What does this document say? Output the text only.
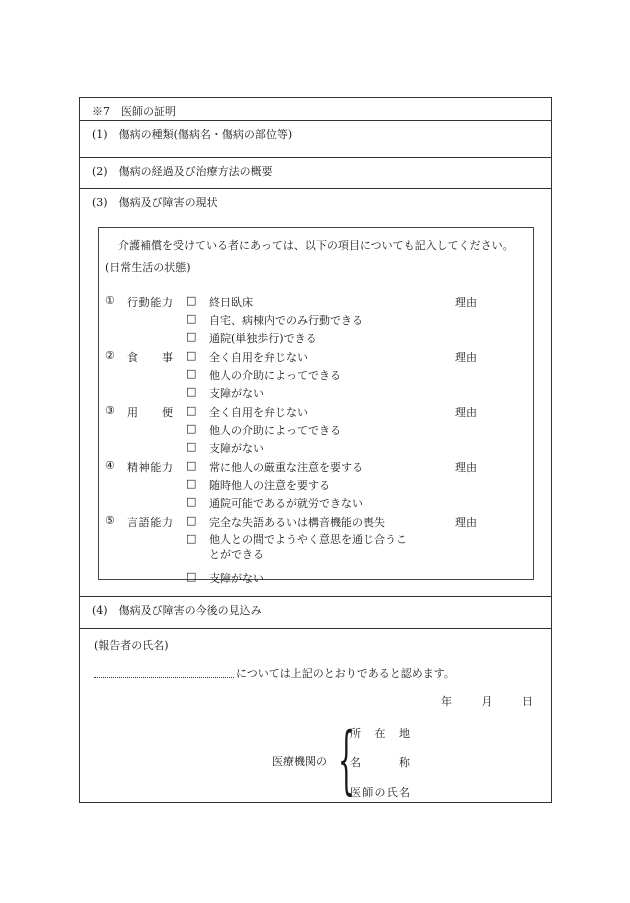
※7　医師の証明
(1)　傷病の種類(傷病名・傷病の部位等)
(2)　傷病の経過及び治療方法の概要
(3)　傷病及び障害の現状
(4)　傷病及び障害の今後の見込み
(報告者の氏名)
については上記のとおりであると認めます。
年	月	日
医療機関の {
所在地
名称
医師の氏名
介護補償を受けている者にあっては、以下の項目についても記入してください。
(日常生活の状態)
① 行動能力 □ 終日臥床	理由
□ 自宅、病棟内でのみ行動できる
□ 通院(単独歩行)できる
② 食事 □ 全く自用を弁じない	理由
□ 他人の介助によってできる
□ 支障がない
③ 用便 □ 全く自用を弁じない	理由
□ 他人の介助によってできる
□ 支障がない
④ 精神能力 □ 常に他人の厳重な注意を要する	理由
□ 随時他人の注意を要する
□ 通院可能であるが就労できない
⑤ 言語能力 □ 完全な失語あるいは構音機能の喪失	理由
□ 他人との間でようやく意思を通じ合うことができる
□ 支障がない
